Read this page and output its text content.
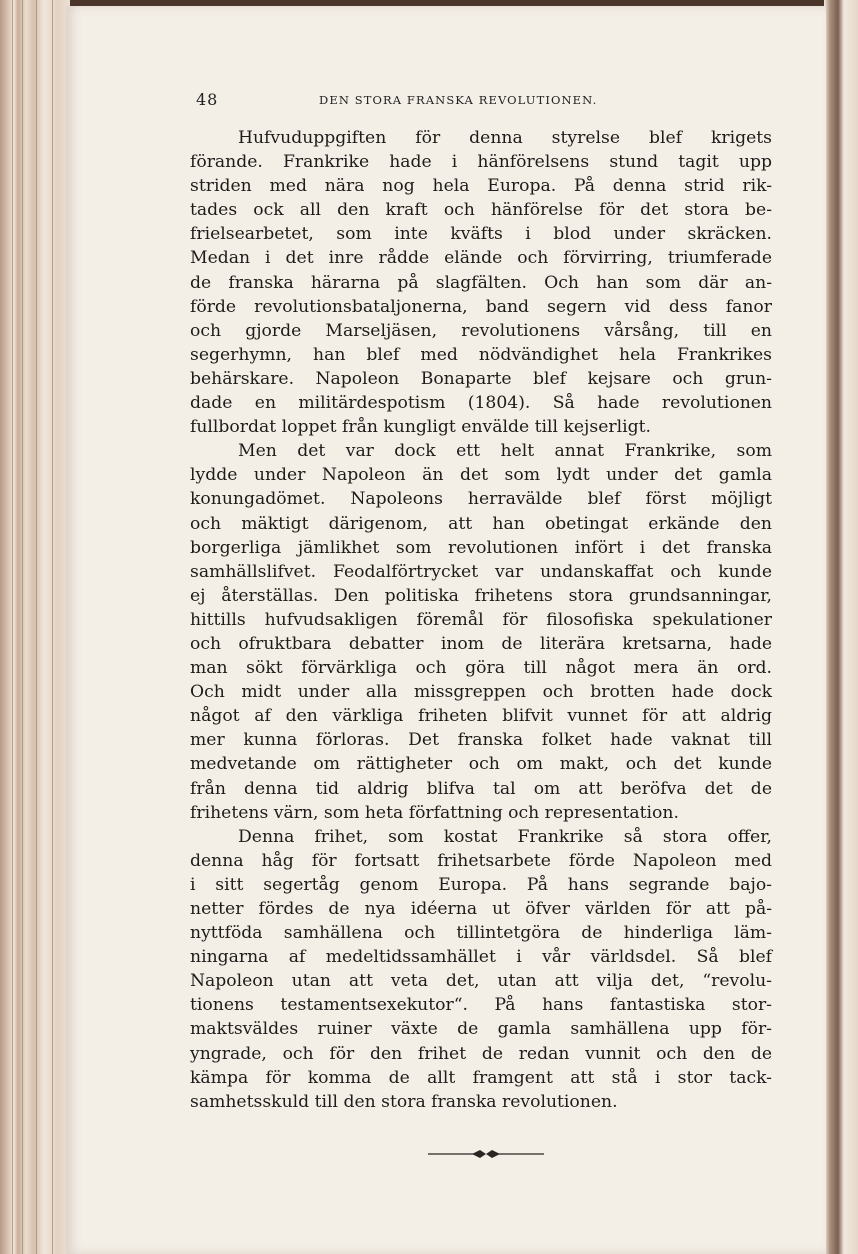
48	DEN STORA FRANSKA REVOLUTIONEN.
Hufvuduppgiften för denna styrelse blef krigets
förande. Frankrike hade i hänförelsens stund tagit upp
striden med nära nog hela Europa. På denna strid rik-
tades ock all den kraft och hänförelse för det stora be-
frielsearbetet, som inte kväfts i blod under skräcken.
Medan i det inre rådde elände och förvirring, triumferade
de franska härarna på slagfälten. Och han som där an-
förde revolutionsbataljonerna, band segern vid dess fanor
och gjorde Marseljäsen, revolutionens vårsång, till en
segerhymn, han blef med nödvändighet hela Frankrikes
behärskare. Napoleon Bonaparte blef kejsare och grun-
dade en militärdespotism (1804). Så hade revolutionen
fullbordat loppet från kungligt envälde till kejserligt.
Men det var dock ett helt annat Frankrike, som
lydde under Napoleon än det som lydt under det gamla
konungadömet. Napoleons herravälde blef först möjligt
och mäktigt därigenom, att han obetingat erkände den
borgerliga jämlikhet som revolutionen infört i det franska
samhällslifvet. Feodalförtrycket var undanskaffat och kunde
ej återställas. Den politiska frihetens stora grundsanningar,
hittills hufvudsakligen föremål för filosofiska spekulationer
och ofruktbara debatter inom de literära kretsarna, hade
man sökt förvärkliga och göra till något mera än ord.
Och midt under alla missgreppen och brotten hade dock
något af den värkliga friheten blifvit vunnet för att aldrig
mer kunna förloras. Det franska folket hade vaknat till
medvetande om rättigheter och om makt, och det kunde
från denna tid aldrig blifva tal om att beröfva det de
frihetens värn, som heta författning och representation.
Denna frihet, som kostat Frankrike så stora offer,
denna håg för fortsatt frihetsarbete förde Napoleon med
i sitt segertåg genom Europa. På hans segrande bajo-
netter fördes de nya idéerna ut öfver världen för att på-
nyttföda samhällena och tillintetgöra de hinderliga läm-
ningarna af medeltidssamhället i vår världsdel. Så blef
Napoleon utan att veta det, utan att vilja det, “revolu-
tionens testamentsexekutor“. På hans fantastiska stor-
maktsväldes ruiner växte de gamla samhällena upp för-
yngrade, och för den frihet de redan vunnit och den de
kämpa för komma de allt framgent att stå i stor tack-
samhetsskuld till den stora franska revolutionen.
